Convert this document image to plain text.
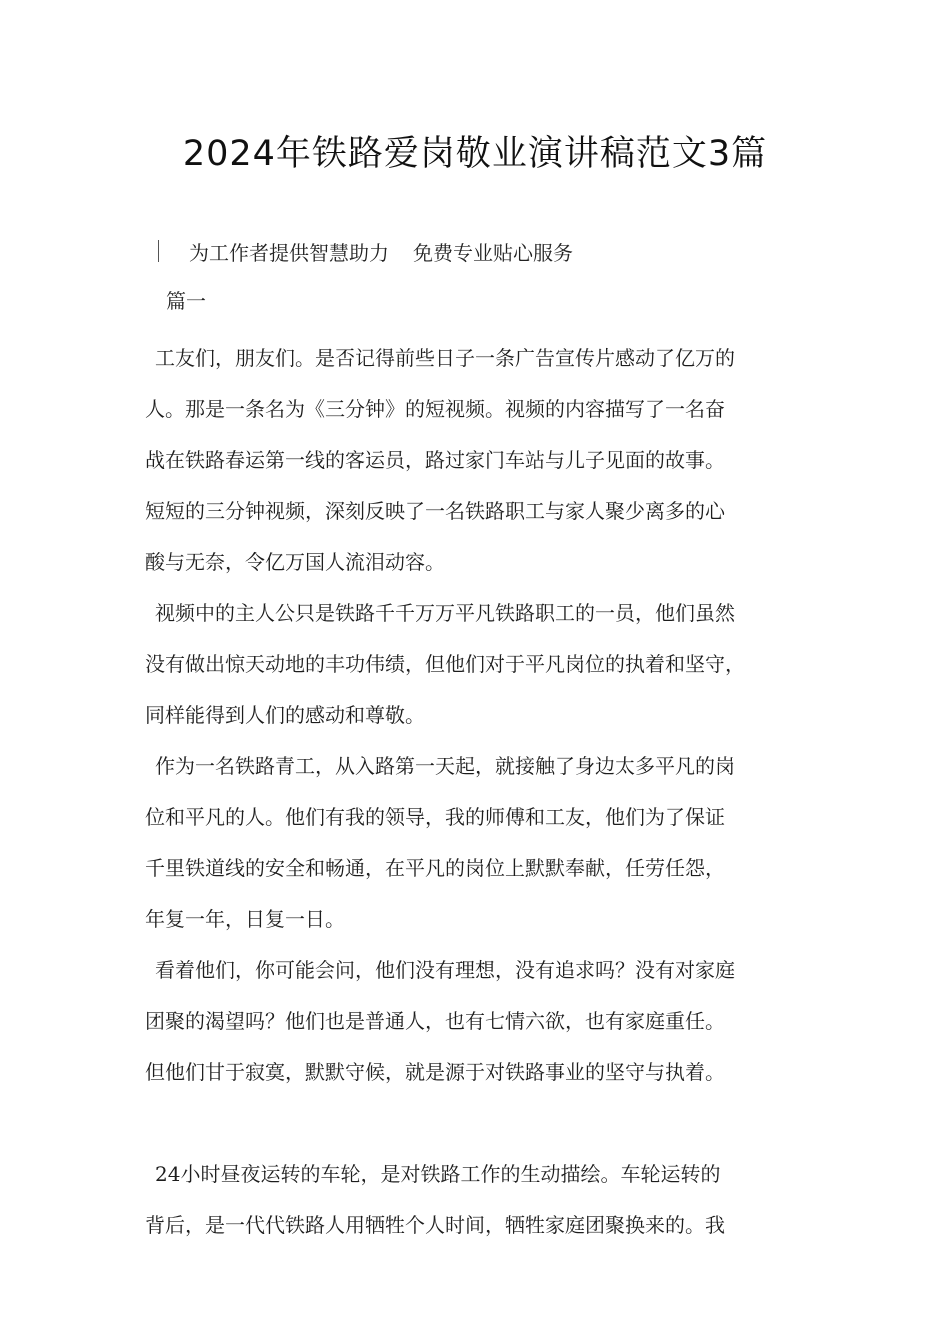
2024年铁路爱岗敬业演讲稿范文3篇
为工作者提供智慧助力 免费专业贴心服务
篇一
工友们，朋友们。是否记得前些日子一条广告宣传片感动了亿万的
人。那是一条名为《三分钟》的短视频。视频的内容描写了一名奋
战在铁路春运第一线的客运员，路过家门车站与儿子见面的故事。
短短的三分钟视频，深刻反映了一名铁路职工与家人聚少离多的心
酸与无奈，令亿万国人流泪动容。
视频中的主人公只是铁路千千万万平凡铁路职工的一员，他们虽然
没有做出惊天动地的丰功伟绩，但他们对于平凡岗位的执着和坚守，
同样能得到人们的感动和尊敬。
作为一名铁路青工，从入路第一天起，就接触了身边太多平凡的岗
位和平凡的人。他们有我的领导，我的师傅和工友，他们为了保证
千里铁道线的安全和畅通，在平凡的岗位上默默奉献，任劳任怨，
年复一年，日复一日。
看着他们，你可能会问，他们没有理想，没有追求吗？没有对家庭
团聚的渴望吗？他们也是普通人，也有七情六欲，也有家庭重任。
但他们甘于寂寞，默默守候，就是源于对铁路事业的坚守与执着。
24小时昼夜运转的车轮，是对铁路工作的生动描绘。车轮运转的
背后，是一代代铁路人用牺牲个人时间，牺牲家庭团聚换来的。我
